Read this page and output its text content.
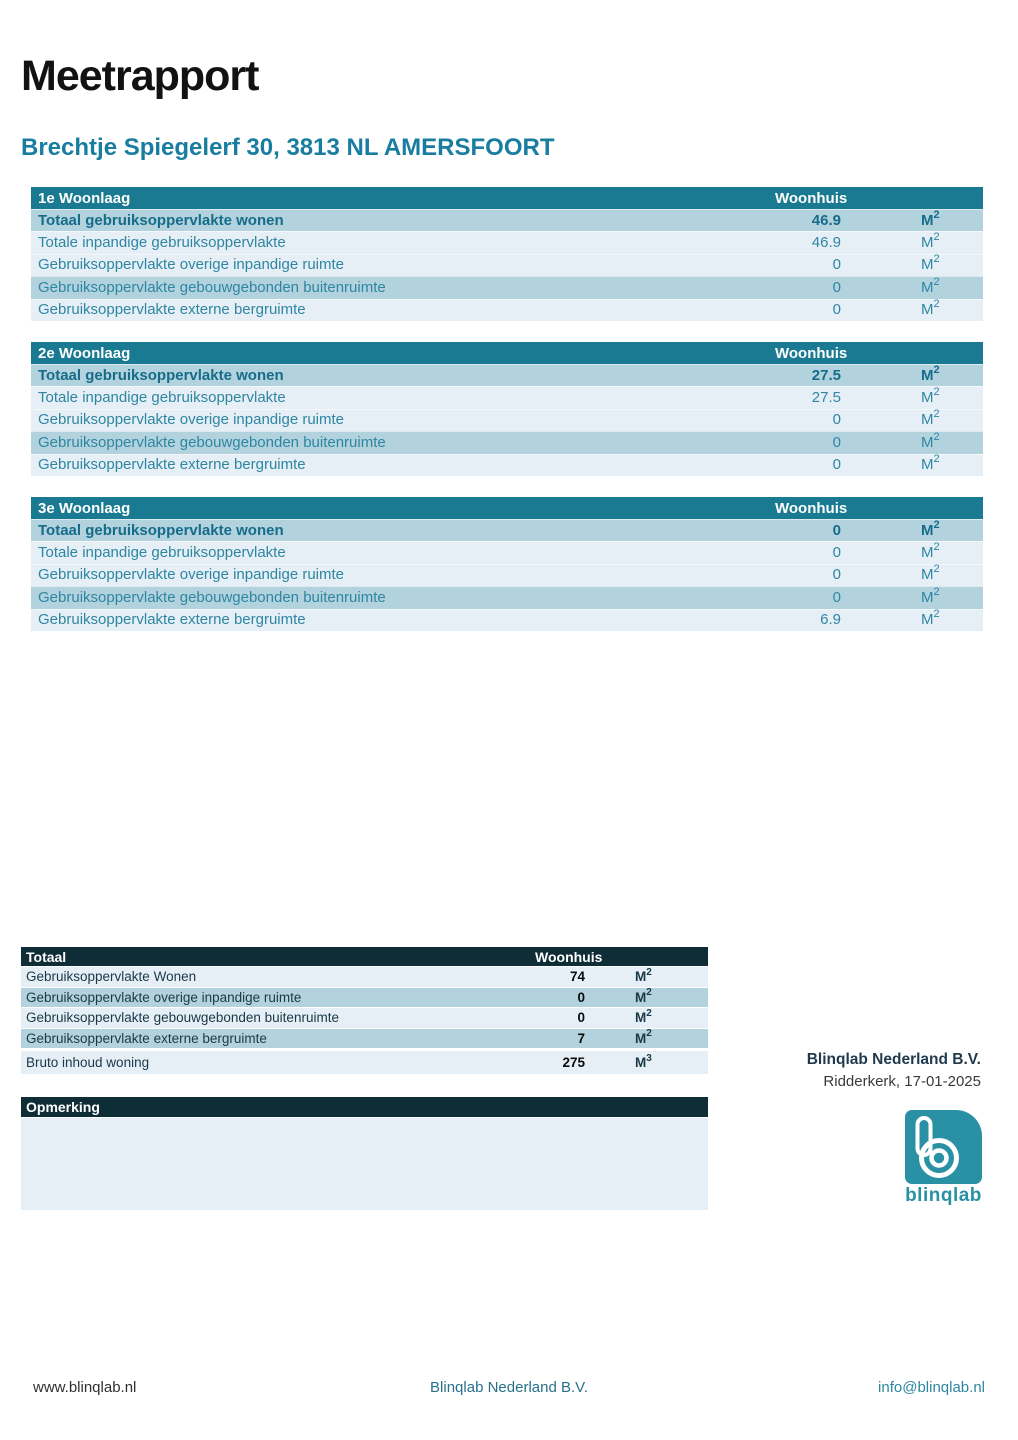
Meetrapport
Brechtje Spiegelerf 30, 3813 NL AMERSFOORT
1e Woonlaag	Woonhuis
Totaal gebruiksoppervlakte wonen	46.9	$M^2$
Totale inpandige gebruiksoppervlakte	46.9	$M^2$
Gebruiksoppervlakte overige inpandige ruimte	0	$M^2$
Gebruiksoppervlakte gebouwgebonden buitenruimte	0	$M^2$
Gebruiksoppervlakte externe bergruimte	0	$M^2$
2e Woonlaag	Woonhuis
Totaal gebruiksoppervlakte wonen	27.5	$M^2$
Totale inpandige gebruiksoppervlakte	27.5	$M^2$
Gebruiksoppervlakte overige inpandige ruimte	0	$M^2$
Gebruiksoppervlakte gebouwgebonden buitenruimte	0	$M^2$
Gebruiksoppervlakte externe bergruimte	0	$M^2$
3e Woonlaag	Woonhuis
Totaal gebruiksoppervlakte wonen	0	$M^2$
Totale inpandige gebruiksoppervlakte	0	$M^2$
Gebruiksoppervlakte overige inpandige ruimte	0	$M^2$
Gebruiksoppervlakte gebouwgebonden buitenruimte	0	$M^2$
Gebruiksoppervlakte externe bergruimte	6.9	$M^2$
Totaal	Woonhuis
Gebruiksoppervlakte Wonen	74	$M^2$
Gebruiksoppervlakte overige inpandige ruimte	0	$M^2$
Gebruiksoppervlakte gebouwgebonden buitenruimte	0	$M^2$
Gebruiksoppervlakte externe bergruimte	7	$M^2$
Bruto inhoud woning	275	$M^3$
Opmerking
Blinqlab Nederland B.V.
Ridderkerk, 17-01-2025
blinqlab
Blinqlab Nederland B.V.
www.blinqlab.nl	info@blinqlab.nl
